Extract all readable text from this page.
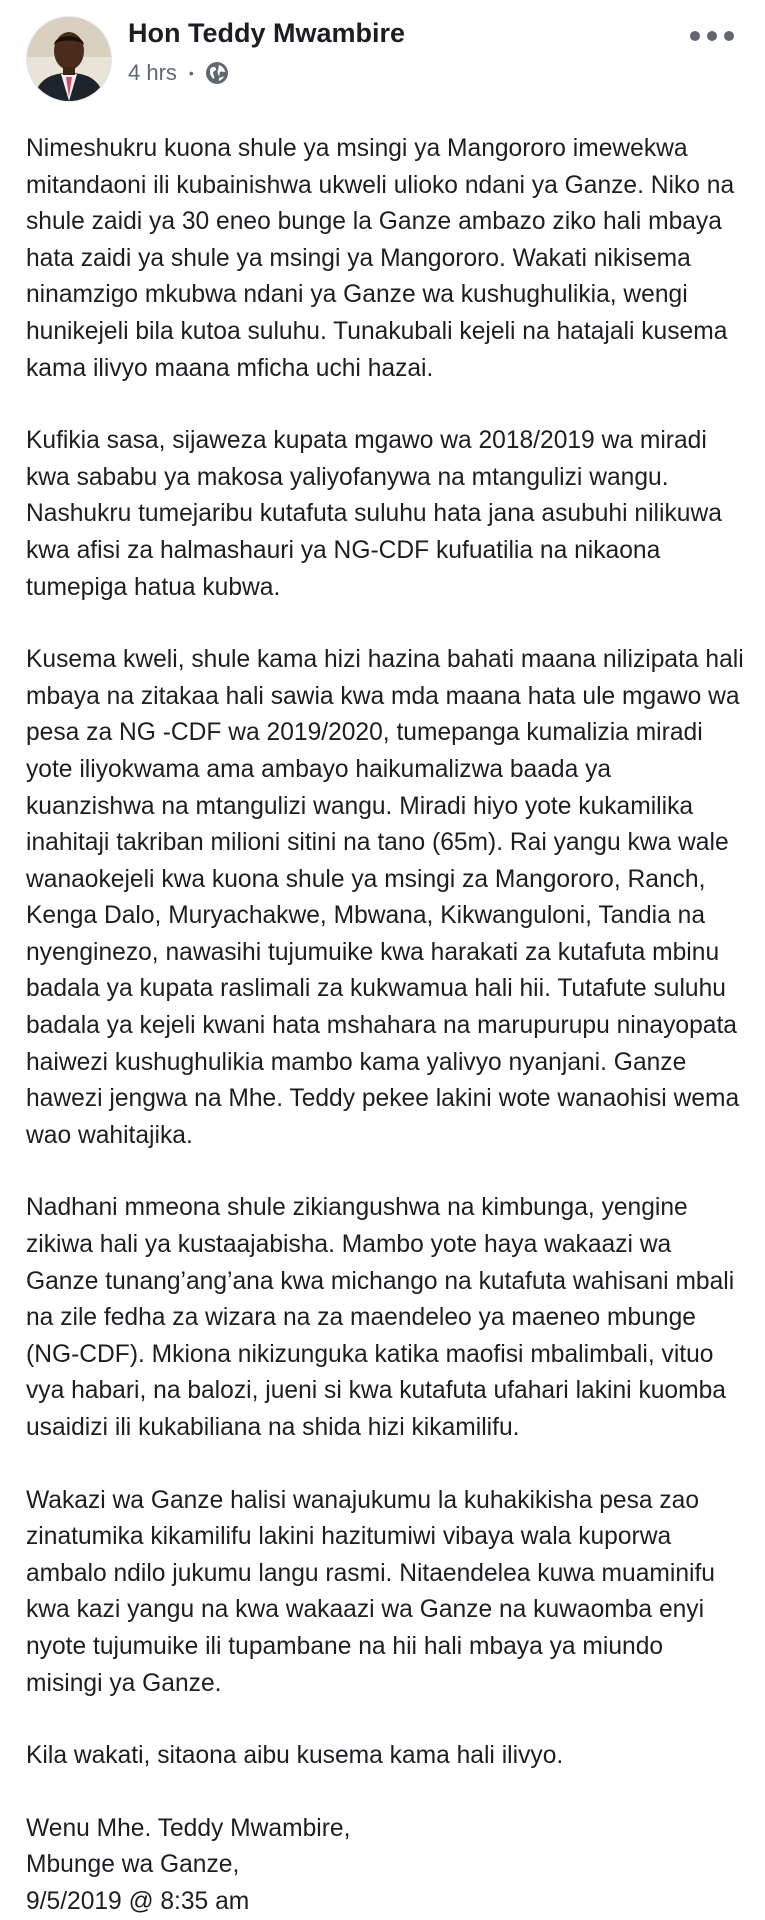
Hon Teddy Mwambire
4 hrs •

Nimeshukru kuona shule ya msingi ya Mangororo imewekwa mitandaoni ili kubainishwa ukweli ulioko ndani ya Ganze. Niko na shule zaidi ya 30 eneo bunge la Ganze ambazo ziko hali mbaya hata zaidi ya shule ya msingi ya Mangororo. Wakati nikisema ninamzigo mkubwa ndani ya Ganze wa kushughulikia, wengi hunikejeli bila kutoa suluhu. Tunakubali kejeli na hatajali kusema kama ilivyo maana mficha uchi hazai.

Kufikia sasa, sijaweza kupata mgawo wa 2018/2019 wa miradi kwa sababu ya makosa yaliyofanywa na mtangulizi wangu. Nashukru tumejaribu kutafuta suluhu hata jana asubuhi nilikuwa kwa afisi za halmashauri ya NG-CDF kufuatilia na nikaona tumepiga hatua kubwa.

Kusema kweli, shule kama hizi hazina bahati maana nilizipata hali mbaya na zitakaa hali sawia kwa mda maana hata ule mgawo wa pesa za NG -CDF wa 2019/2020, tumepanga kumalizia miradi yote iliyokwama ama ambayo haikumalizwa baada ya kuanzishwa na mtangulizi wangu. Miradi hiyo yote kukamilika inahitaji takriban milioni sitini na tano (65m). Rai yangu kwa wale wanaokejeli kwa kuona shule ya msingi za Mangororo, Ranch, Kenga Dalo, Muryachakwe, Mbwana, Kikwanguloni, Tandia na nyenginezo, nawasihi tujumuike kwa harakati za kutafuta mbinu badala ya kupata raslimali za kukwamua hali hii. Tutafute suluhu badala ya kejeli kwani hata mshahara na marupurupu ninayopata haiwezi kushughulikia mambo kama yalivyo nyanjani. Ganze hawezi jengwa na Mhe. Teddy pekee lakini wote wanaohisi wema wao wahitajika.

Nadhani mmeona shule zikiangushwa na kimbunga, yengine zikiwa hali ya kustaajabisha. Mambo yote haya wakaazi wa Ganze tunang’ang’ana kwa michango na kutafuta wahisani mbali na zile fedha za wizara na za maendeleo ya maeneo mbunge (NG-CDF). Mkiona nikizunguka katika maofisi mbalimbali, vituo vya habari, na balozi, jueni si kwa kutafuta ufahari lakini kuomba usaidizi ili kukabiliana na shida hizi kikamilifu.

Wakazi wa Ganze halisi wanajukumu la kuhakikisha pesa zao zinatumika kikamilifu lakini hazitumiwi vibaya wala kuporwa ambalo ndilo jukumu langu rasmi. Nitaendelea kuwa muaminifu kwa kazi yangu na kwa wakaazi wa Ganze na kuwaomba enyi nyote tujumuike ili tupambane na hii hali mbaya ya miundo misingi ya Ganze.

Kila wakati, sitaona aibu kusema kama hali ilivyo.

Wenu Mhe. Teddy Mwambire,
Mbunge wa Ganze,
9/5/2019 @ 8:35 am
